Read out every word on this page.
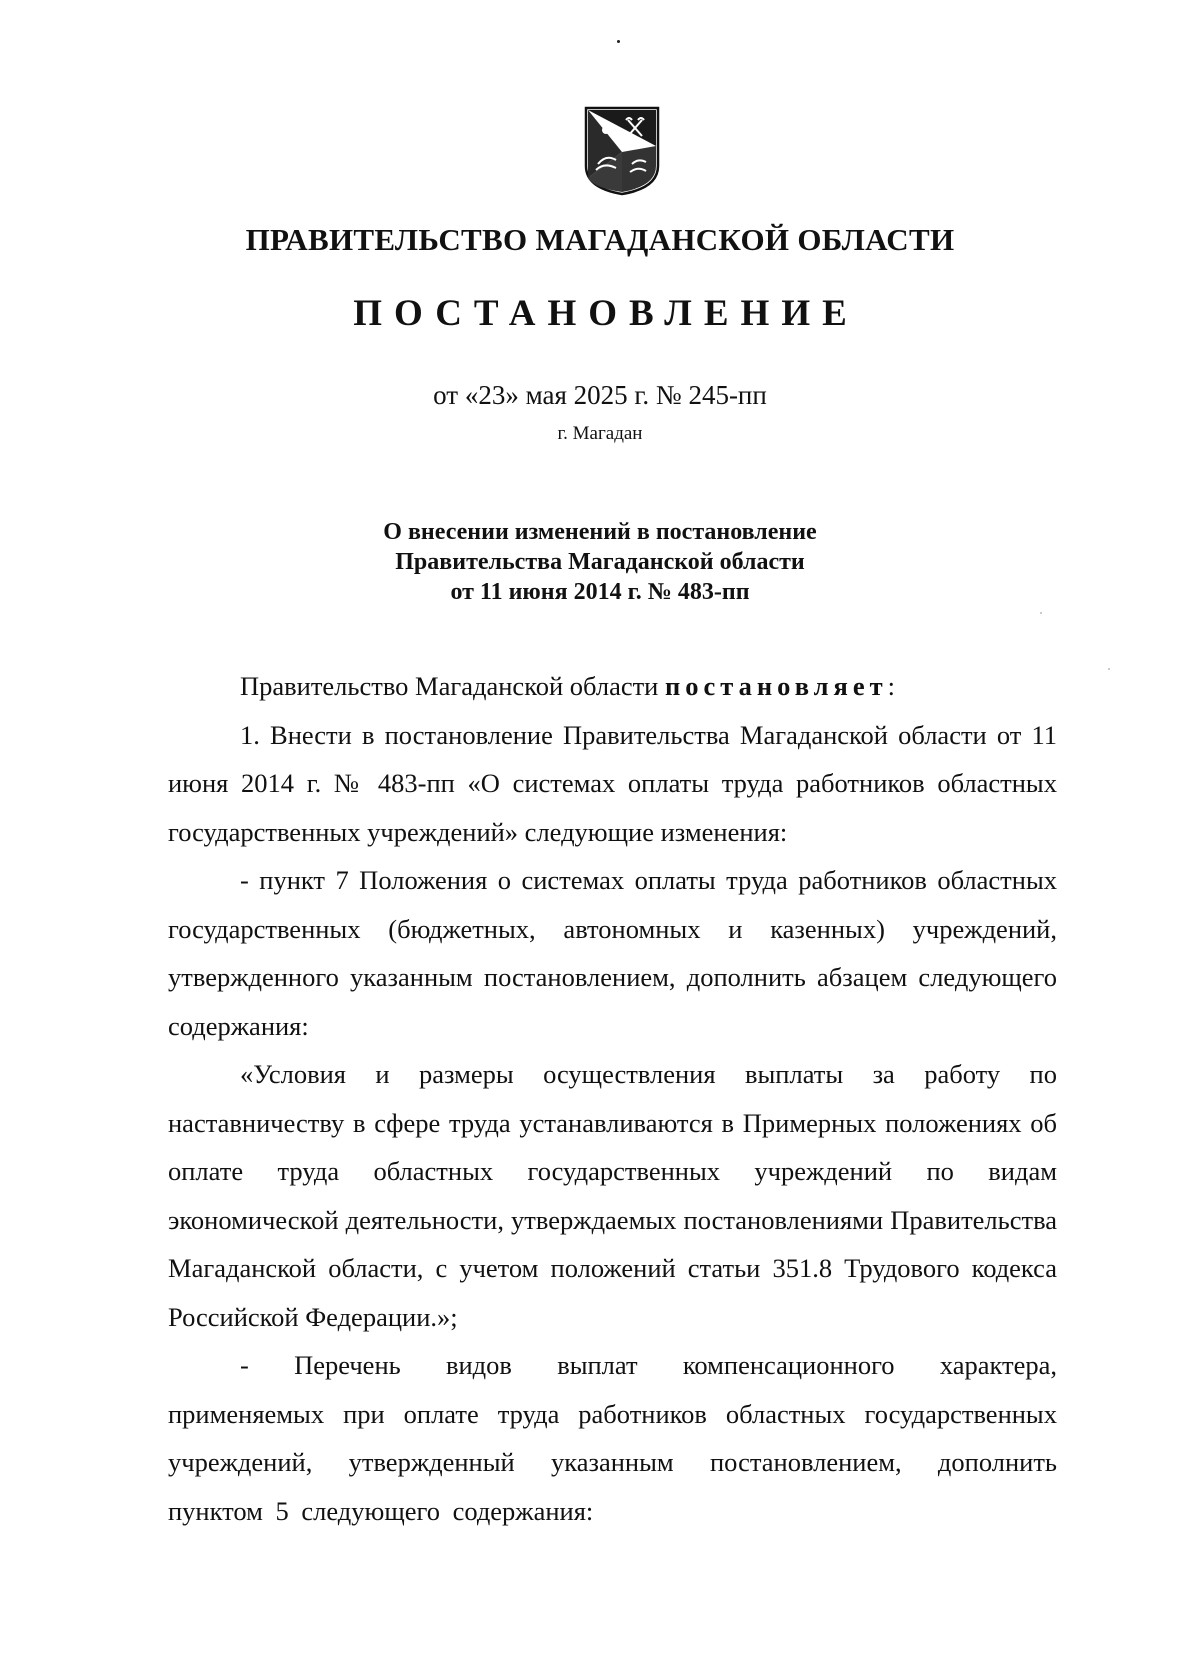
ПРАВИТЕЛЬСТВО МАГАДАНСКОЙ ОБЛАСТИ
ПОСТАНОВЛЕНИЕ
от «23» мая 2025 г. № 245-пп
г. Магадан
О внесении изменений в постановление
Правительства Магаданской области
от 11 июня 2014 г. № 483-пп

Правительство Магаданской области постановляет:

1. Внести в постановление Правительства Магаданской области от 11 июня 2014 г. № 483-пп «О системах оплаты труда работников областных государственных учреждений» следующие изменения:

- пункт 7 Положения о системах оплаты труда работников областных государственных (бюджетных, автономных и казенных) учреждений, утвержденного указанным постановлением, дополнить абзацем следующего содержания:

«Условия и размеры осуществления выплаты за работу по наставничеству в сфере труда устанавливаются в Примерных положениях об оплате труда областных государственных учреждений по видам экономической деятельности, утверждаемых постановлениями Правительства Магаданской области, с учетом положений статьи 351.8 Трудового кодекса Российской Федерации.»;

- Перечень видов выплат компенсационного характера, применяемых при оплате труда работников областных государственных учреждений, утвержденный указанным постановлением, дополнить пунктом 5 следующего содержания:
